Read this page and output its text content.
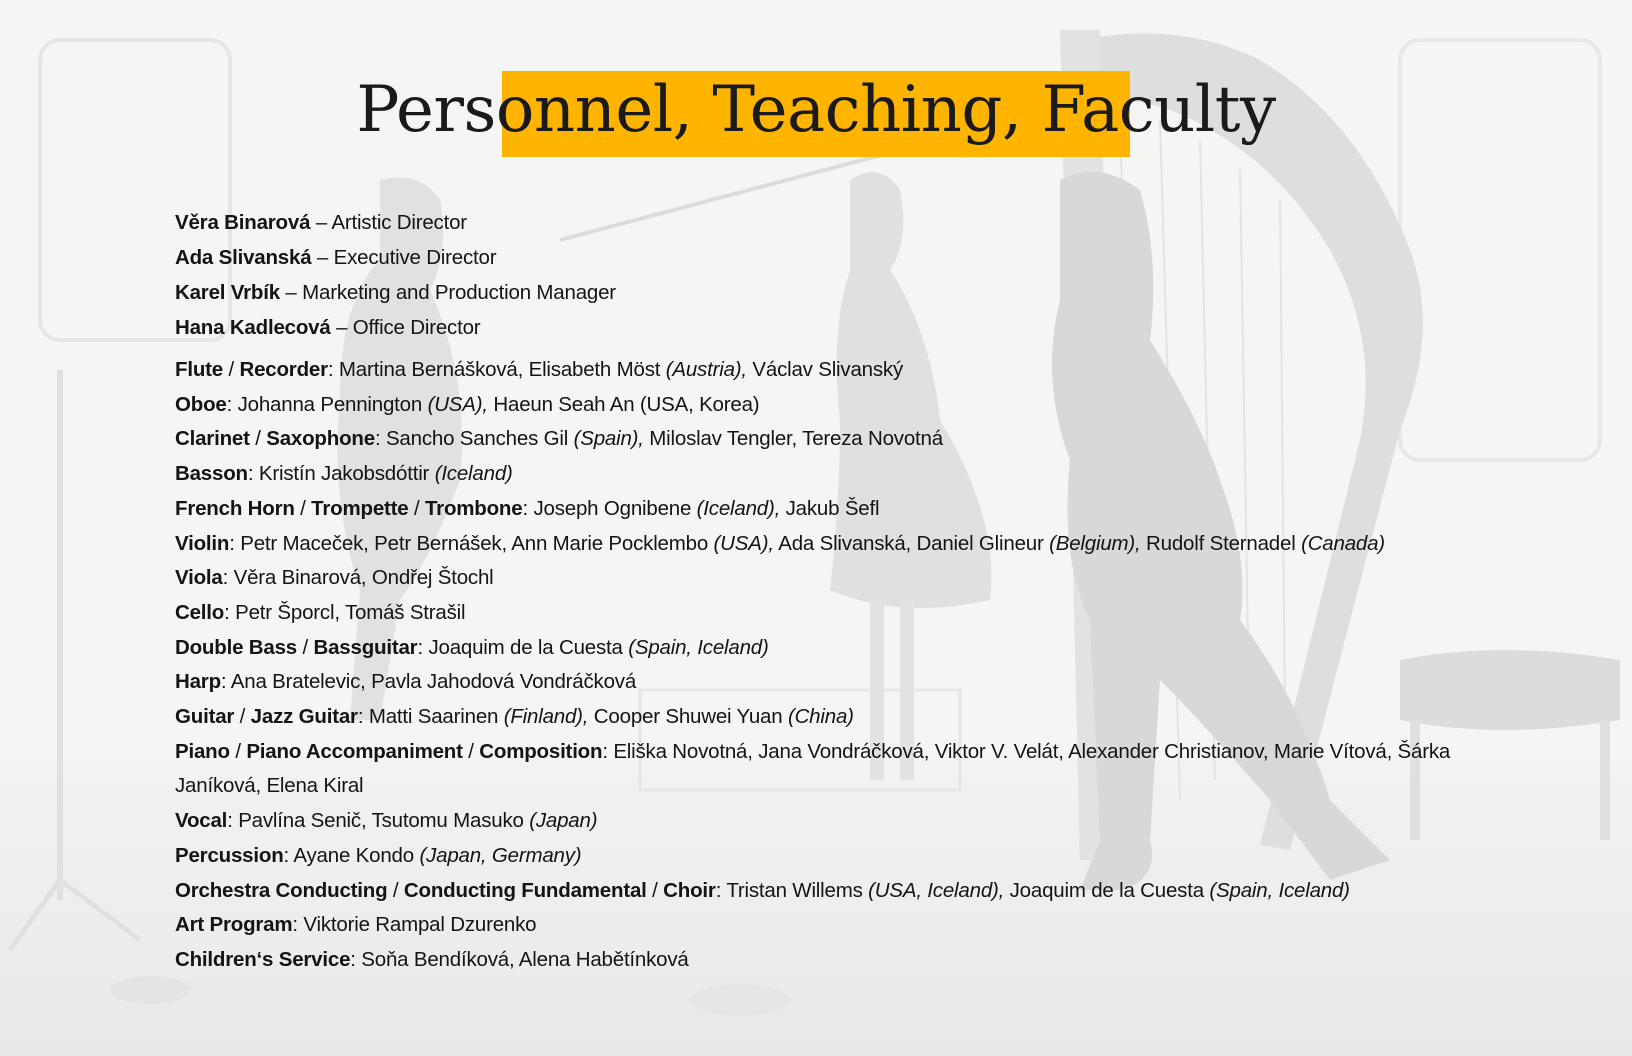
Personnel, Teaching, Faculty
Věra Binarová – Artistic Director
Ada Slivanská – Executive Director
Karel Vrbík – Marketing and Production Manager
Hana Kadlecová – Office Director
Flute / Recorder: Martina Bernášková, Elisabeth Möst (Austria), Václav Slivanský
Oboe: Johanna Pennington (USA), Haeun Seah An (USA, Korea)
Clarinet / Saxophone: Sancho Sanches Gil (Spain), Miloslav Tengler, Tereza Novotná
Basson: Kristín Jakobsdóttir (Iceland)
French Horn / Trompette / Trombone: Joseph Ognibene (Iceland), Jakub Šefl
Violin: Petr Maceček, Petr Bernášek, Ann Marie Pocklembo (USA), Ada Slivanská, Daniel Glineur (Belgium), Rudolf Sternadel (Canada)
Viola: Věra Binarová, Ondřej Štochl
Cello: Petr Šporcl, Tomáš Strašil
Double Bass / Bassguitar: Joaquim de la Cuesta (Spain, Iceland)
Harp: Ana Bratelevic, Pavla Jahodová Vondráčková
Guitar / Jazz Guitar: Matti Saarinen (Finland), Cooper Shuwei Yuan (China)
Piano / Piano Accompaniment / Composition: Eliška Novotná, Jana Vondráčková, Viktor V. Velát, Alexander Christianov, Marie Vítová, Šárka Janíková, Elena Kiral
Vocal: Pavlína Senič, Tsutomu Masuko (Japan)
Percussion: Ayane Kondo (Japan, Germany)
Orchestra Conducting / Conducting Fundamental / Choir: Tristan Willems (USA, Iceland), Joaquim de la Cuesta (Spain, Iceland)
Art Program: Viktorie Rampal Dzurenko
Children‘s Service: Soňa Bendíková, Alena Habětínková
